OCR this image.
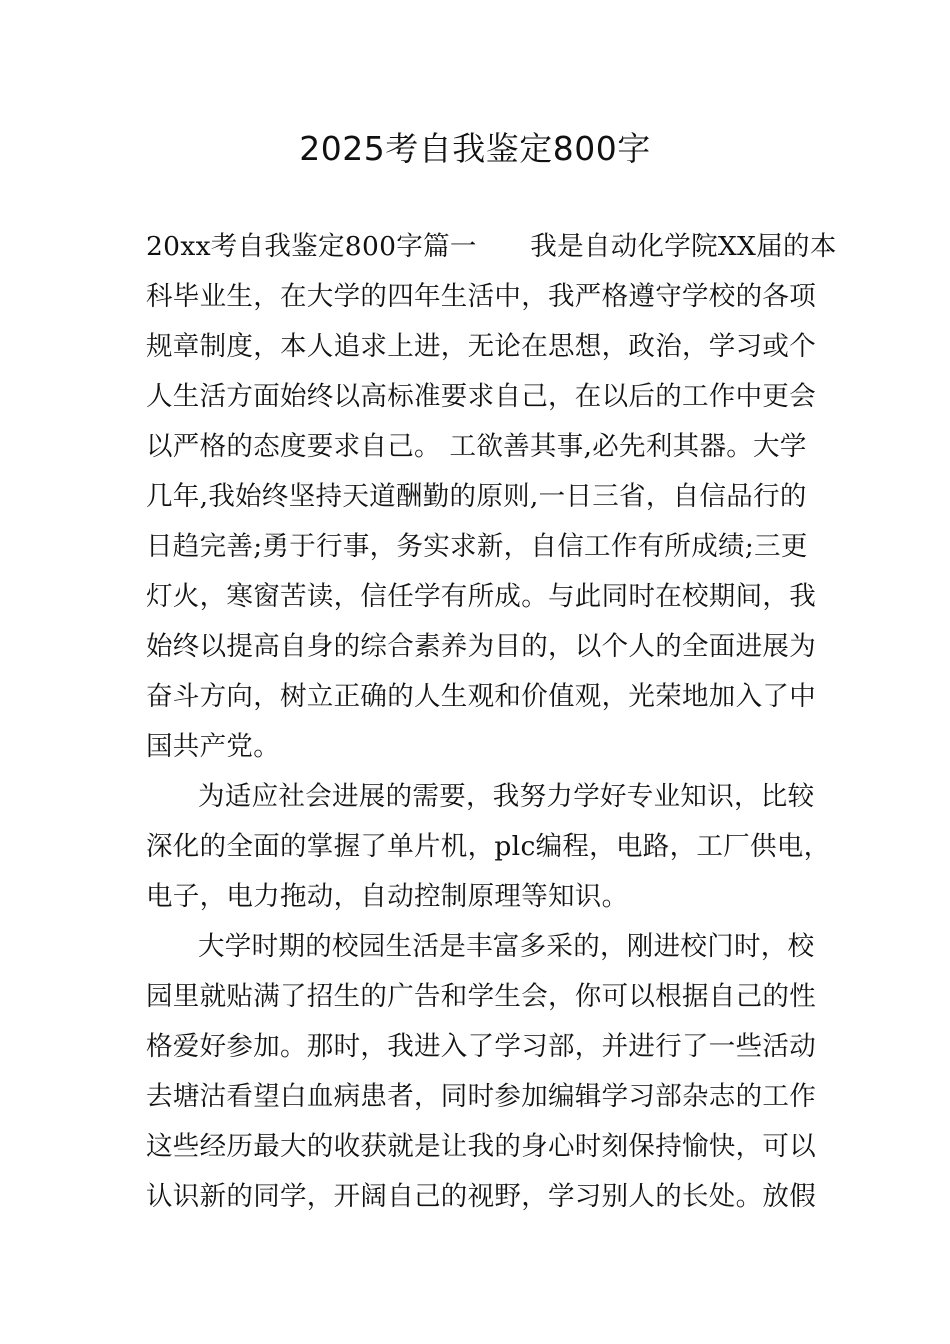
2025考自我鉴定800字
20xx考自我鉴定800字篇一　　我是自动化学院XX届的本
科毕业生，在大学的四年生活中，我严格遵守学校的各项
规章制度，本人追求上进，无论在思想，政治，学习或个
人生活方面始终以高标准要求自己，在以后的工作中更会
以严格的态度要求自己。 工欲善其事,必先利其器。大学
几年,我始终坚持天道酬勤的原则,一日三省，自信品行的
日趋完善;勇于行事，务实求新，自信工作有所成绩;三更
灯火，寒窗苦读，信任学有所成。与此同时在校期间，我
始终以提高自身的综合素养为目的，以个人的全面进展为
奋斗方向，树立正确的人生观和价值观，光荣地加入了中
国共产党。
为适应社会进展的需要，我努力学好专业知识，比较
深化的全面的掌握了单片机，plc编程，电路，工厂供电，
电子，电力拖动，自动控制原理等知识。
大学时期的校园生活是丰富多采的，刚进校门时，校
园里就贴满了招生的广告和学生会，你可以根据自己的性
格爱好参加。那时，我进入了学习部，并进行了一些活动
去塘沽看望白血病患者，同时参加编辑学习部杂志的工作
这些经历最大的收获就是让我的身心时刻保持愉快，可以
认识新的同学，开阔自己的视野，学习别人的长处。放假
